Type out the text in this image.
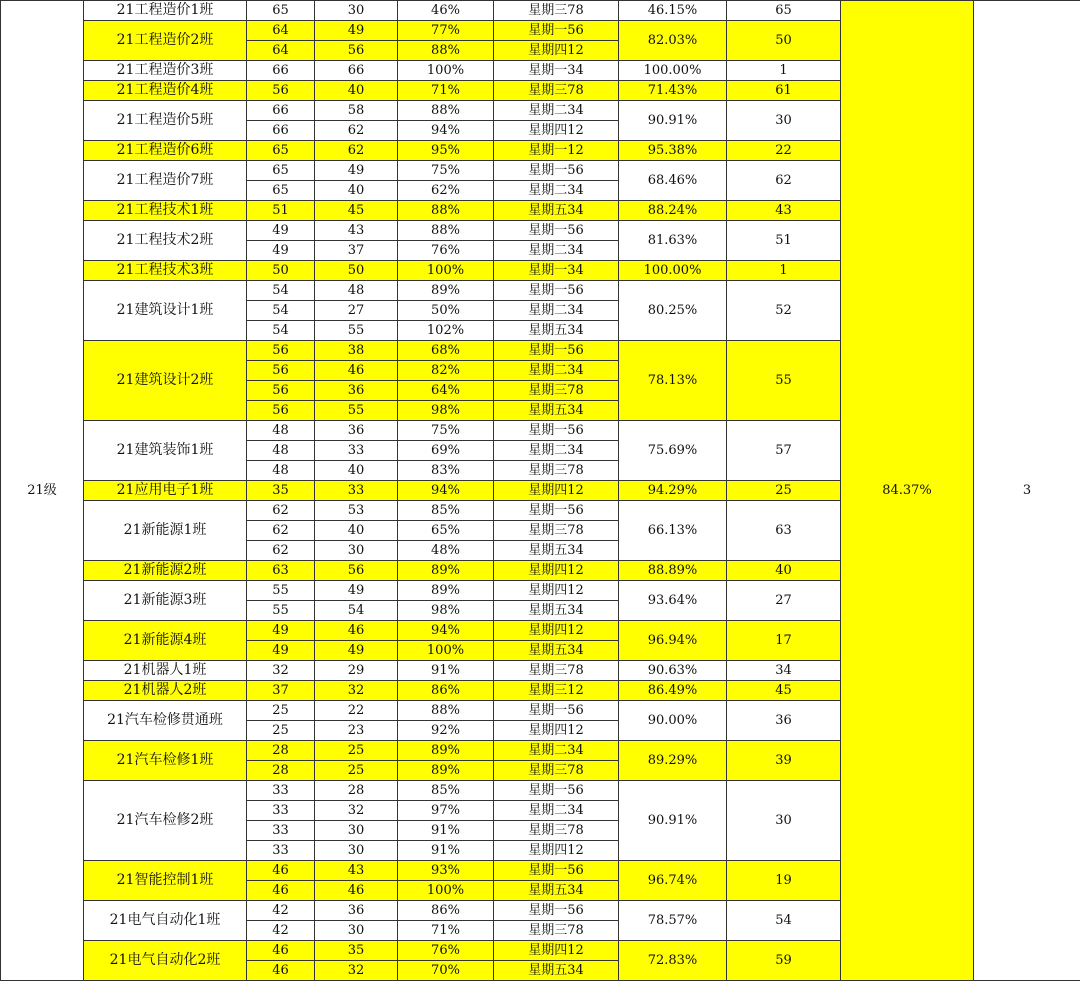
21级	21工程造价1班	65	30	46%	星期三78	46.15%	65	84.37%	3
	21工程造价2班	64	49	77%	星期一56	82.03%	50		
		64	56	88%	星期四12				
	21工程造价3班	66	66	100%	星期一34	100.00%	1		
	21工程造价4班	56	40	71%	星期三78	71.43%	61		
	21工程造价5班	66	58	88%	星期二34	90.91%	30		
		66	62	94%	星期四12				
	21工程造价6班	65	62	95%	星期一12	95.38%	22		
	21工程造价7班	65	49	75%	星期一56	68.46%	62		
		65	40	62%	星期二34				
	21工程技术1班	51	45	88%	星期五34	88.24%	43		
	21工程技术2班	49	43	88%	星期一56	81.63%	51		
		49	37	76%	星期二34				
	21工程技术3班	50	50	100%	星期一34	100.00%	1		
	21建筑设计1班	54	48	89%	星期一56	80.25%	52		
		54	27	50%	星期二34				
		54	55	102%	星期五34				
	21建筑设计2班	56	38	68%	星期一56	78.13%	55		
		56	46	82%	星期二34				
		56	36	64%	星期三78				
		56	55	98%	星期五34				
	21建筑装饰1班	48	36	75%	星期一56	75.69%	57		
		48	33	69%	星期二34				
		48	40	83%	星期三78				
	21应用电子1班	35	33	94%	星期四12	94.29%	25		
	21新能源1班	62	53	85%	星期一56	66.13%	63		
		62	40	65%	星期三78				
		62	30	48%	星期五34				
	21新能源2班	63	56	89%	星期四12	88.89%	40		
	21新能源3班	55	49	89%	星期四12	93.64%	27		
		55	54	98%	星期五34				
	21新能源4班	49	46	94%	星期四12	96.94%	17		
		49	49	100%	星期五34				
	21机器人1班	32	29	91%	星期三78	90.63%	34		
	21机器人2班	37	32	86%	星期三12	86.49%	45		
	21汽车检修贯通班	25	22	88%	星期一56	90.00%	36		
		25	23	92%	星期四12				
	21汽车检修1班	28	25	89%	星期二34	89.29%	39		
		28	25	89%	星期三78				
	21汽车检修2班	33	28	85%	星期一56	90.91%	30		
		33	32	97%	星期二34				
		33	30	91%	星期三78				
		33	30	91%	星期四12				
	21智能控制1班	46	43	93%	星期一56	96.74%	19		
		46	46	100%	星期五34				
	21电气自动化1班	42	36	86%	星期一56	78.57%	54		
		42	30	71%	星期三78				
	21电气自动化2班	46	35	76%	星期四12	72.83%	59		
		46	32	70%	星期五34				
